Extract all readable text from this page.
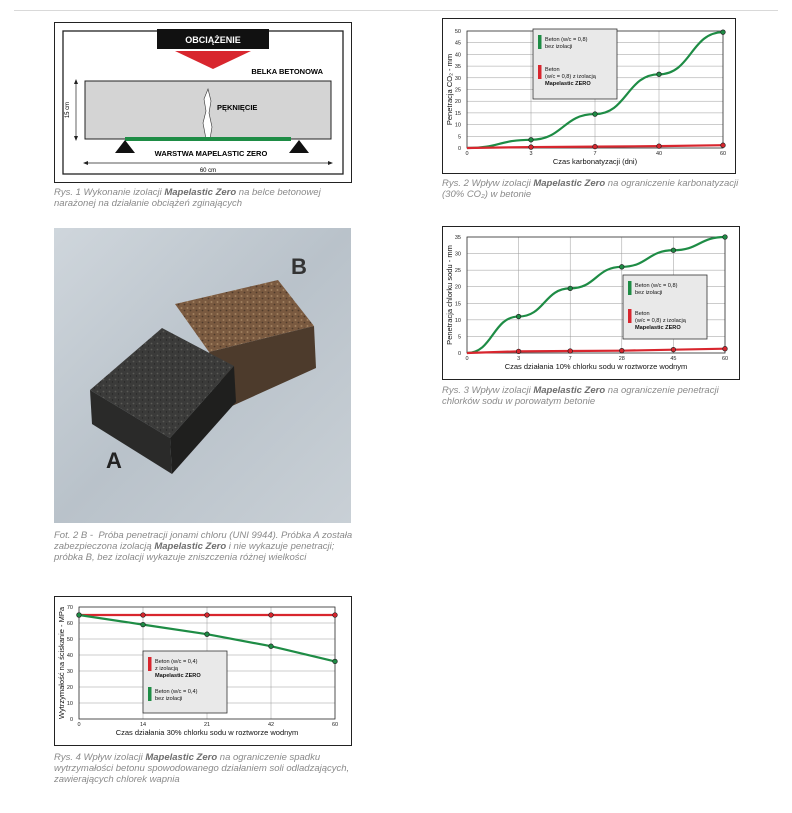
OBCIĄŻENIE
BELKA BETONOWA
PĘKNIĘCIE
WARSTWA MAPELASTIC ZERO
15 cm
60 cm
Rys. 1 Wykonanie izolacji Mapelastic Zero na belce betonowej narażonej na działanie obciążeń zginających
B
A
Fot. 2 B -  Próba penetracji jonami chloru (UNI 9944). Próbka A została zabezpieczona izolacją Mapelastic Zero i nie wykazuje penetracji; próbka B, bez izolacji wykazuje zniszczenia różnej wielkości
0
5
10
15
20
25
30
35
40
45
50
0	3	7	40	60
Czas karbonatyzacji (dni)
Penetracja CO₂ - mm
Beton (w/c = 0,8)
bez izolacji
Beton
(w/c = 0,8) z izolacją
Mapelastic ZERO
Rys. 2 Wpływ izolacji Mapelastic Zero na ograniczenie karbonatyzacji (30% CO₂) w betonie
0
5
10
15
20
25
30
35
0	3	7	28	45	60
Czas działania 10% chlorku sodu w roztworze wodnym
Penetracja chlorku sodu - mm	Beton (w/c = 0,8)
bez izolacji
Beton
(w/c = 0,8) z izolacją
Mapelastic ZERO
Rys. 3 Wpływ izolacji Mapelastic Zero na ograniczenie penetracji chlorków sodu w porowatym betonie
0
10
20
30
40
50
60
70
0	14	21	42	60
Czas działania 30% chlorku sodu w roztworze wodnym
Wytrzymałość na ściskanie - MPa	Beton (w/c = 0,4)
z izolacją
Mapelastic ZERO
Beton (w/c = 0,4)
bez izolacji
Rys. 4 Wpływ izolacji Mapelastic Zero na ograniczenie spadku wytrzymałości betonu spowodowanego działaniem soli odladzających, zawierających chlorek wapnia
